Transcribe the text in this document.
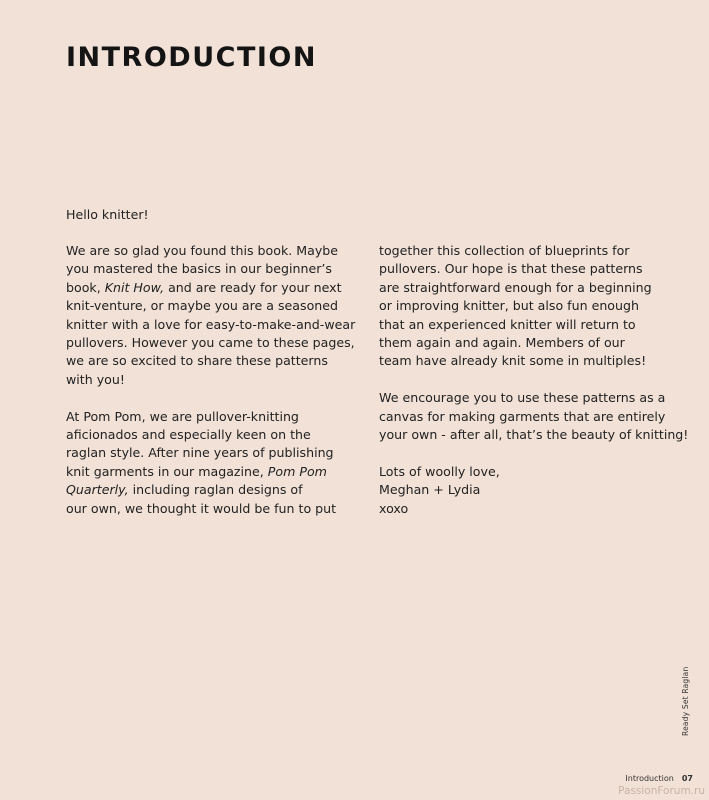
INTRODUCTION

Hello knitter!

We are so glad you found this book. Maybe
you mastered the basics in our beginner’s
book, Knit How, and are ready for your next
knit-venture, or maybe you are a seasoned
knitter with a love for easy-to-make-and-wear
pullovers. However you came to these pages,
we are so excited to share these patterns
with you!

At Pom Pom, we are pullover-knitting
aficionados and especially keen on the
raglan style. After nine years of publishing
knit garments in our magazine, Pom Pom
Quarterly, including raglan designs of
our own, we thought it would be fun to put

together this collection of blueprints for
pullovers. Our hope is that these patterns
are straightforward enough for a beginning
or improving knitter, but also fun enough
that an experienced knitter will return to
them again and again. Members of our
team have already knit some in multiples!

We encourage you to use these patterns as a
canvas for making garments that are entirely
your own - after all, that’s the beauty of knitting!

Lots of woolly love,
Meghan + Lydia
xoxo

Ready Set Raglan
Introduction 07
PassionForum.ru
